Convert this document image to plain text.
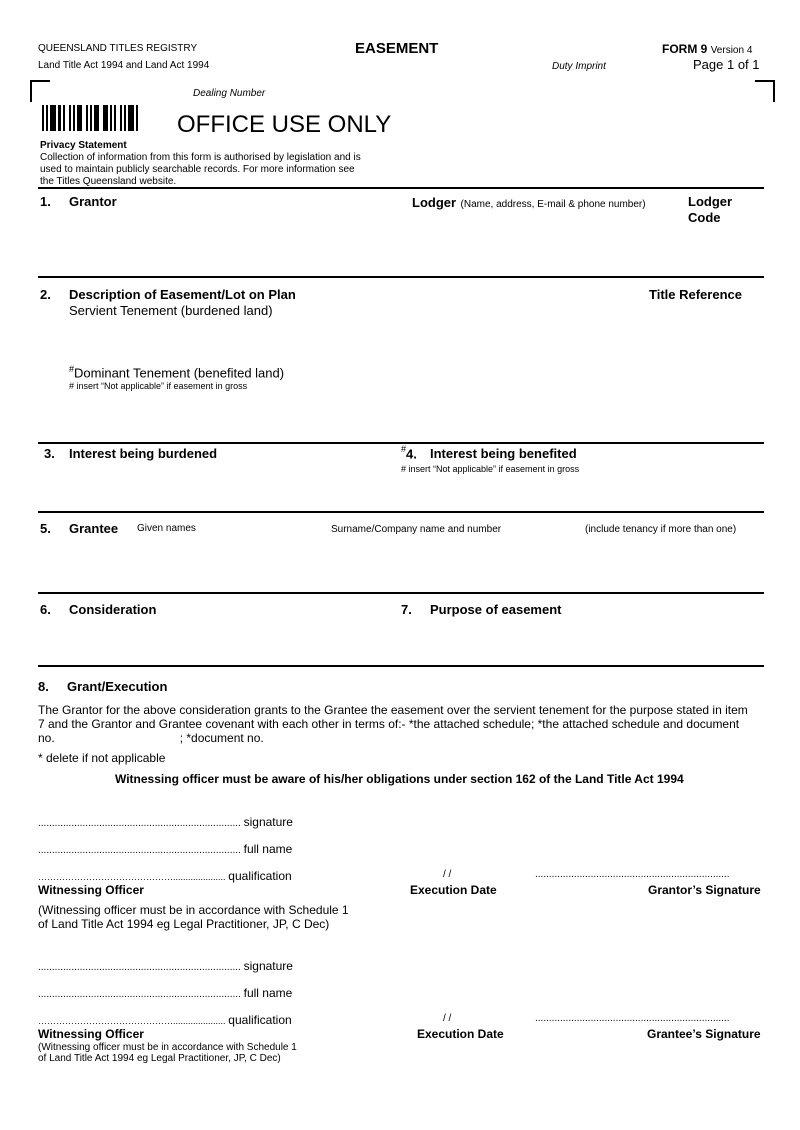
QUEENSLAND TITLES REGISTRY
Land Title Act 1994 and Land Act 1994
EASEMENT	FORM 9 Version 4
Duty Imprint	Page 1 of 1
Dealing Number
OFFICE USE ONLY
Privacy Statement
Collection of information from this form is authorised by legislation and is
used to maintain publicly searchable records. For more information see
the Titles Queensland website.
1. Grantor	Lodger (Name, address, E-mail & phone number)	Lodger
Code
2. Description of Easement/Lot on Plan
Servient Tenement (burdened land)
Title Reference
#Dominant Tenement (benefited land)
# insert “Not applicable” if easement in gross
3. Interest being burdened	#4. Interest being benefited
# insert “Not applicable” if easement in gross
5. Grantee Given names	Surname/Company name and number	(include tenancy if more than one)
6. Consideration	7. Purpose of easement
8. Grant/Execution
The Grantor for the above consideration grants to the Grantee the easement over the servient tenement for the purpose stated in item
7 and the Grantor and Grantee covenant with each other in terms of:- *the attached schedule; *the attached schedule and document
no.	; *document no.
* delete if not applicable
Witnessing officer must be aware of his/her obligations under section 162 of the Land Title Act 1994
......................................................................... signature
......................................................................... full name
………………………………………..................... qualification
Witnessing Officer
(Witnessing officer must be in accordance with Schedule 1
of Land Title Act 1994 eg Legal Practitioner, JP, C Dec)
/ /
Execution Date
......................................................................
Grantor’s Signature
......................................................................... signature
......................................................................... full name
………………………………………..................... qualification
Witnessing Officer
(Witnessing officer must be in accordance with Schedule 1
of Land Title Act 1994 eg Legal Practitioner, JP, C Dec)
/ /
Execution Date
......................................................................
Grantee’s Signature
